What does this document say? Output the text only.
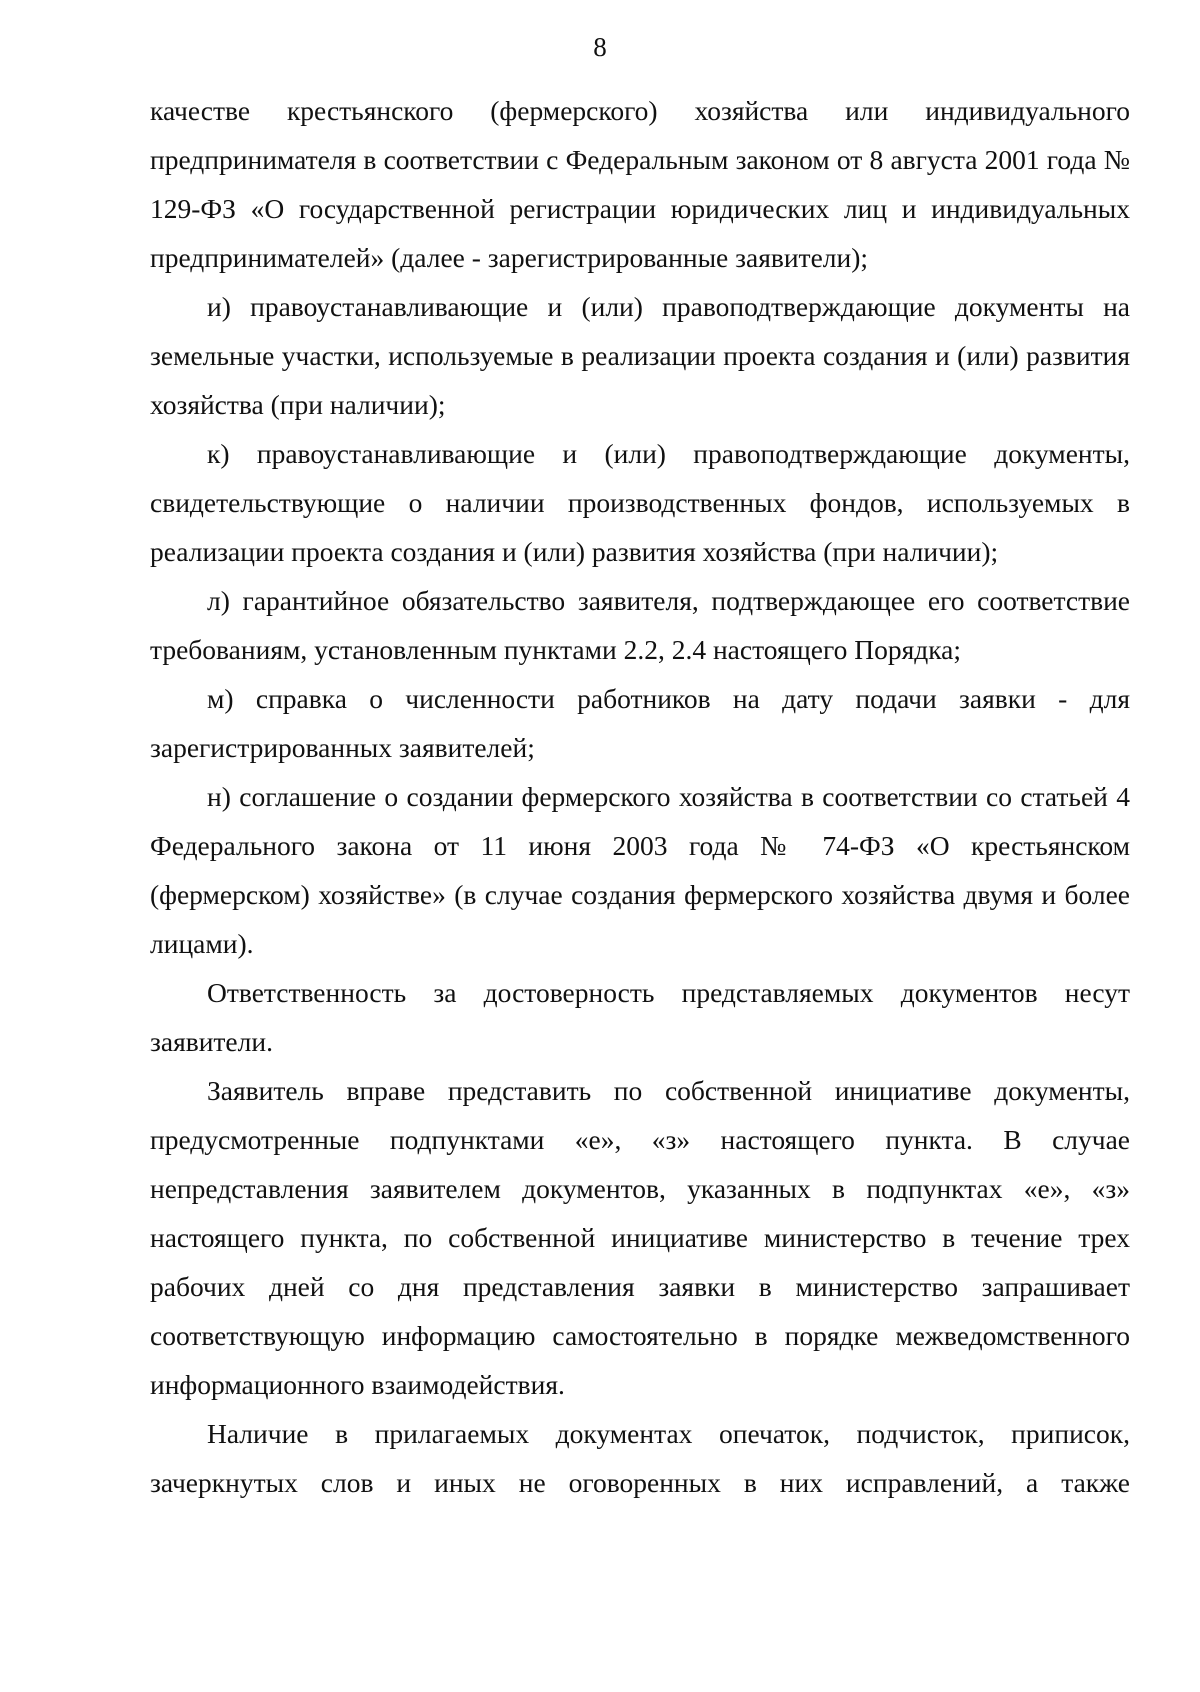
8

качестве крестьянского (фермерского) хозяйства или индивидуального предпринимателя в соответствии с Федеральным законом от 8 августа 2001 года № 129-ФЗ «О государственной регистрации юридических лиц и индивидуальных предпринимателей» (далее - зарегистрированные заявители);

и) правоустанавливающие и (или) правоподтверждающие документы на земельные участки, используемые в реализации проекта создания и (или) развития хозяйства (при наличии);

к) правоустанавливающие и (или) правоподтверждающие документы, свидетельствующие о наличии производственных фондов, используемых в реализации проекта создания и (или) развития хозяйства (при наличии);

л) гарантийное обязательство заявителя, подтверждающее его соответствие требованиям, установленным пунктами 2.2, 2.4 настоящего Порядка;

м) справка о численности работников на дату подачи заявки - для зарегистрированных заявителей;

н) соглашение о создании фермерского хозяйства в соответствии со статьей 4 Федерального закона от 11 июня 2003 года № 74-ФЗ «О крестьянском (фермерском) хозяйстве» (в случае создания фермерского хозяйства двумя и более лицами).

Ответственность за достоверность представляемых документов несут заявители.

Заявитель вправе представить по собственной инициативе документы, предусмотренные подпунктами «е», «з» настоящего пункта. В случае непредставления заявителем документов, указанных в подпунктах «е», «з» настоящего пункта, по собственной инициативе министерство в течение трех рабочих дней со дня представления заявки в министерство запрашивает соответствующую информацию самостоятельно в порядке межведомственного информационного взаимодействия.

Наличие в прилагаемых документах опечаток, подчисток, приписок, зачеркнутых слов и иных не оговоренных в них исправлений, а также
